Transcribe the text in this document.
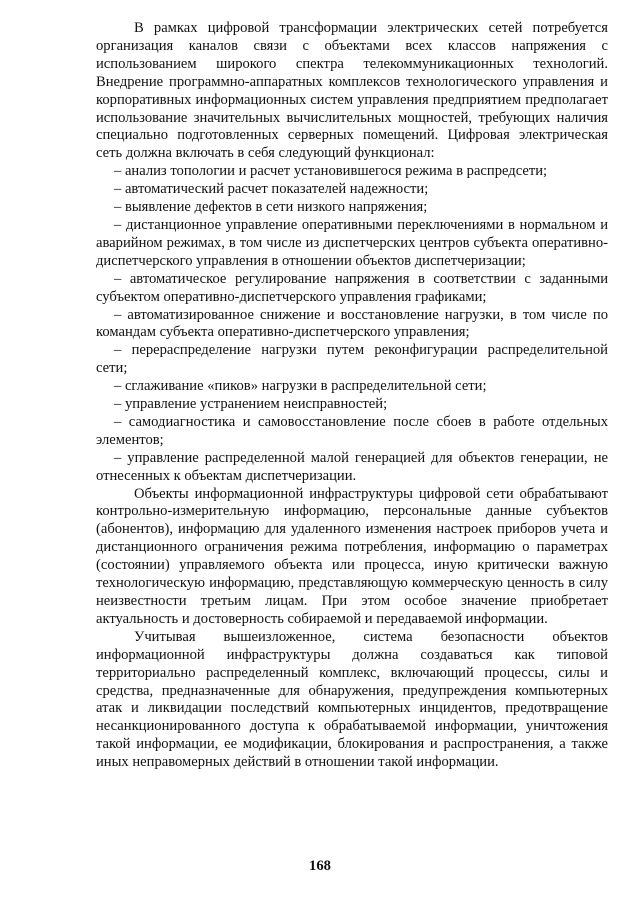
В рамках цифровой трансформации электрических сетей потребуется организация каналов связи с объектами всех классов напряжения с использованием широкого спектра телекоммуникационных технологий. Внедрение программно-аппаратных комплексов технологического управления и корпоративных информационных систем управления предприятием предполагает использование значительных вычислительных мощностей, требующих наличия специально подготовленных серверных помещений. Цифровая электрическая сеть должна включать в себя следующий функционал:

– анализ топологии и расчет установившегося режима в распредсети;

– автоматический расчет показателей надежности;

– выявление дефектов в сети низкого напряжения;

– дистанционное управление оперативными переключениями в нормальном и аварийном режимах, в том числе из диспетчерских центров субъекта оперативно-диспетчерского управления в отношении объектов диспетчеризации;

– автоматическое регулирование напряжения в соответствии с заданными субъектом оперативно-диспетчерского управления графиками;

– автоматизированное снижение и восстановление нагрузки, в том числе по командам субъекта оперативно-диспетчерского управления;

– перераспределение нагрузки путем реконфигурации распределительной сети;

– сглаживание «пиков» нагрузки в распределительной сети;

– управление устранением неисправностей;

– самодиагностика и самовосстановление после сбоев в работе отдельных элементов;

– управление распределенной малой генерацией для объектов генерации, не отнесенных к объектам диспетчеризации.

Объекты информационной инфраструктуры цифровой сети обрабатывают контрольно-измерительную информацию, персональные данные субъектов (абонентов), информацию для удаленного изменения настроек приборов учета и дистанционного ограничения режима потребления, информацию о параметрах (состоянии) управляемого объекта или процесса, иную критически важную технологическую информацию, представляющую коммерческую ценность в силу неизвестности третьим лицам. При этом особое значение приобретает актуальность и достоверность собираемой и передаваемой информации.

Учитывая вышеизложенное, система безопасности объектов информационной инфраструктуры должна создаваться как типовой территориально распределенный комплекс, включающий процессы, силы и средства, предназначенные для обнаружения, предупреждения компьютерных атак и ликвидации последствий компьютерных инцидентов, предотвращение несанкционированного доступа к обрабатываемой информации, уничтожения такой информации, ее модификации, блокирования и распространения, а также иных неправомерных действий в отношении такой информации.

168
